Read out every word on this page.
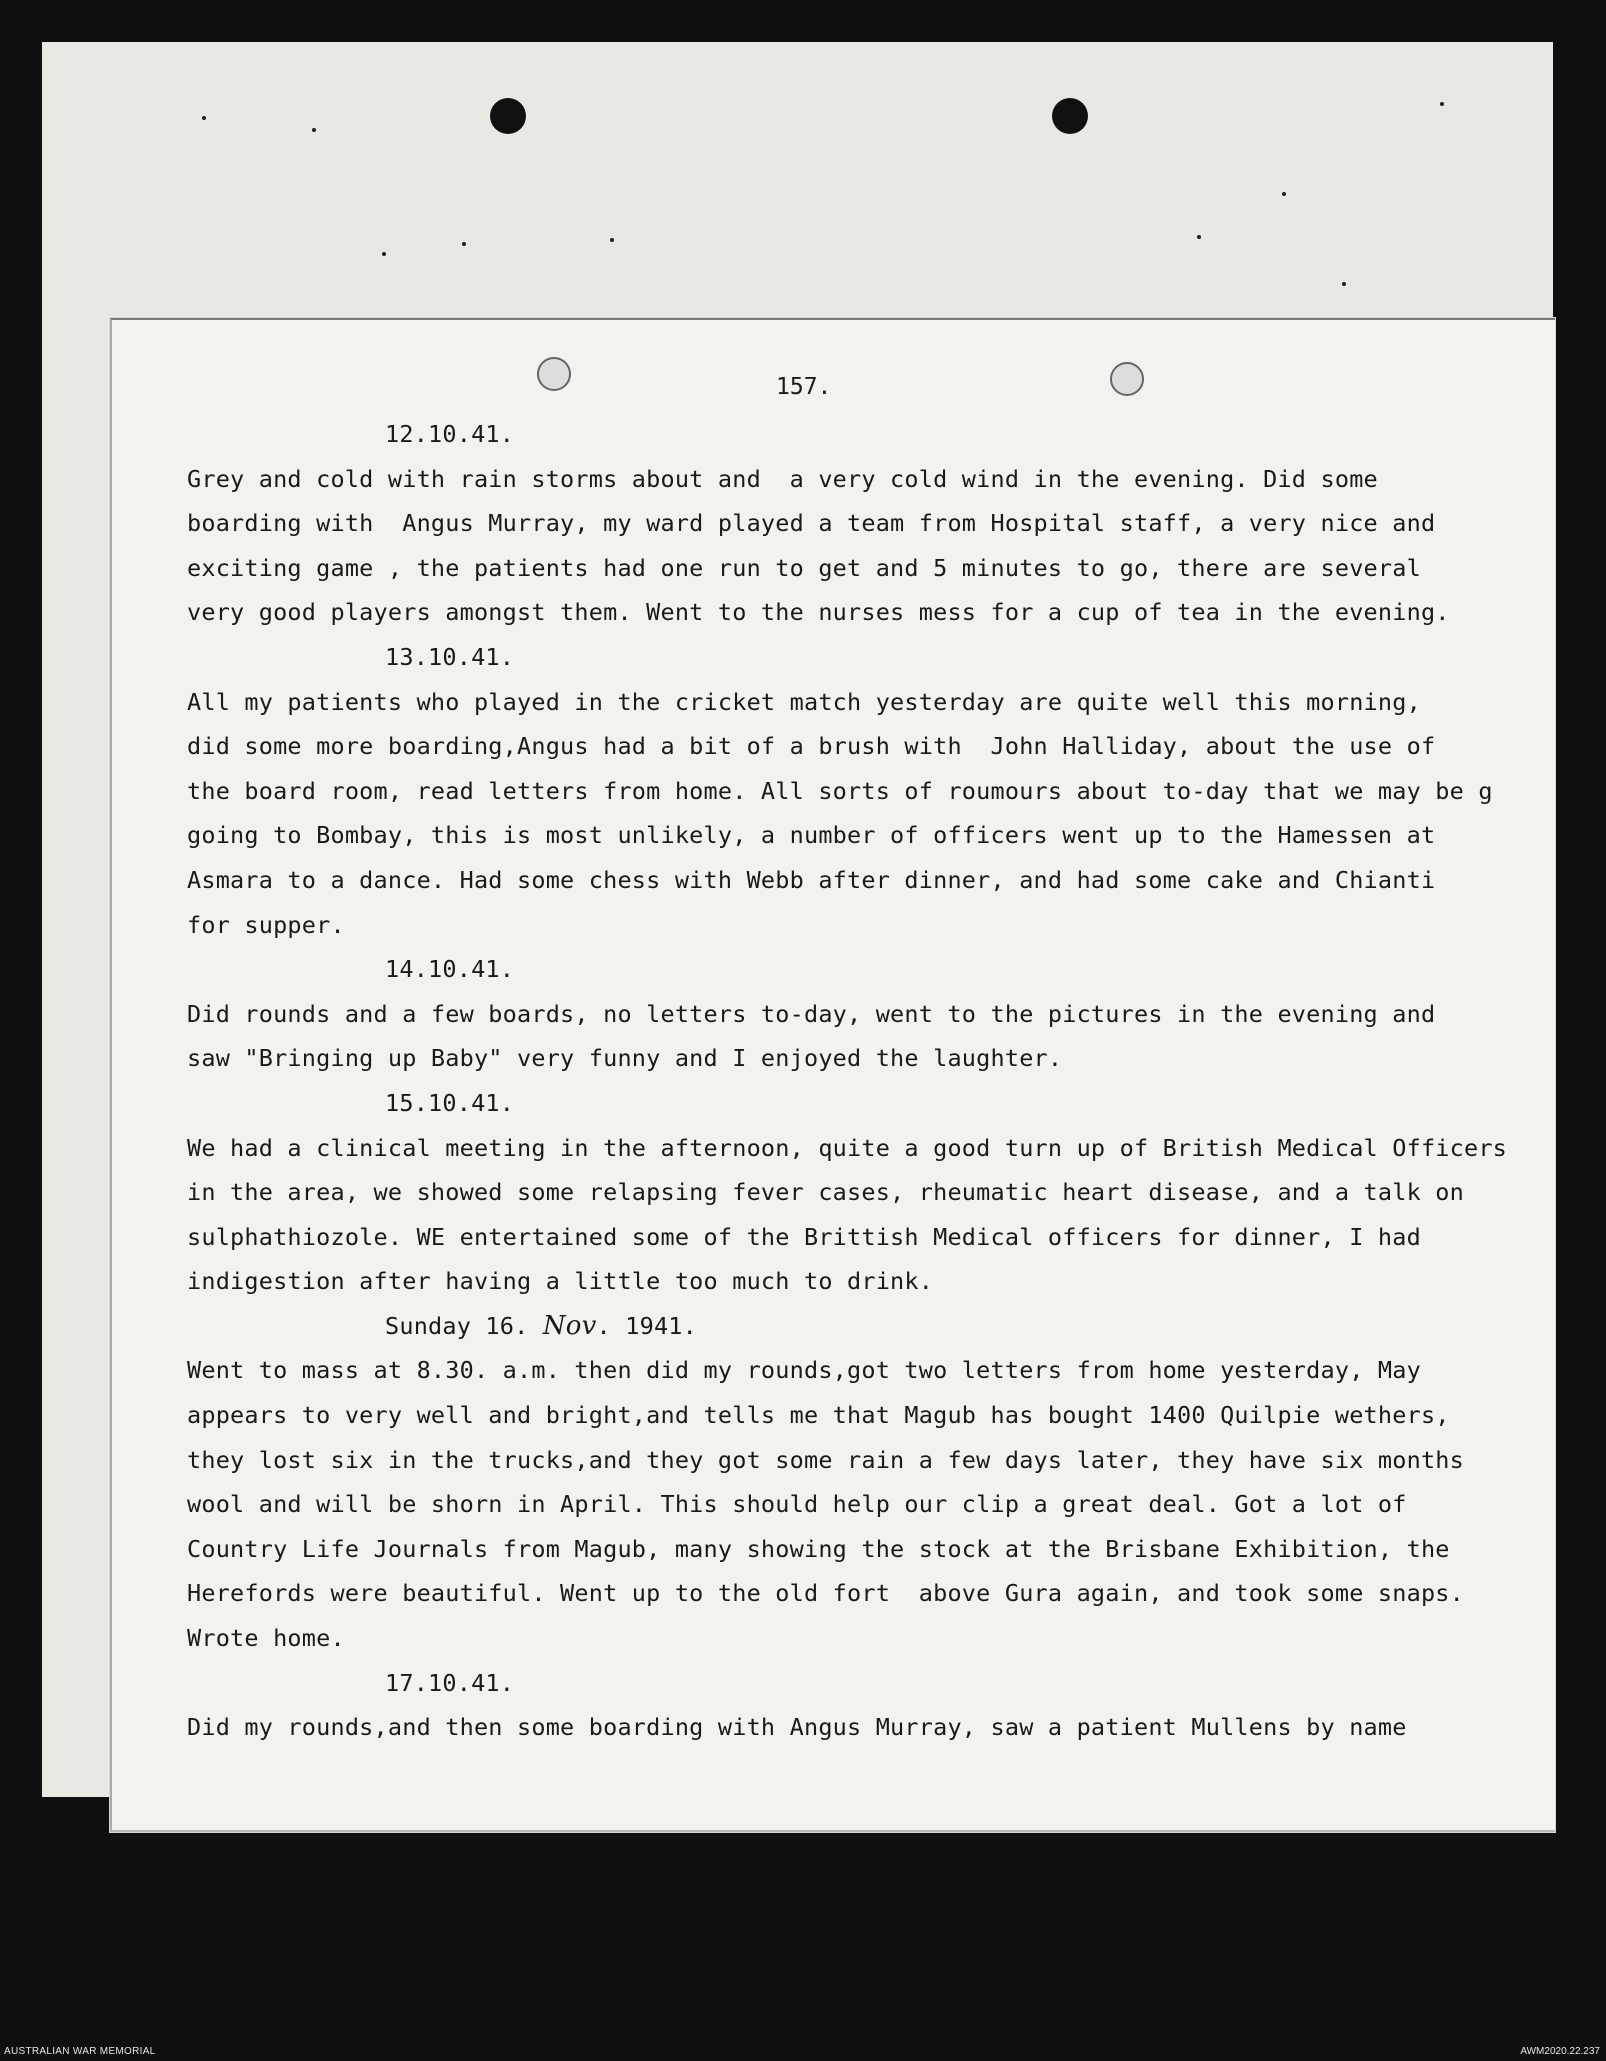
157.
12.10.41.
Grey and cold with rain storms about and  a very cold wind in the evening. Did some
boarding with  Angus Murray, my ward played a team from Hospital staff, a very nice and
exciting game , the patients had one run to get and 5 minutes to go, there are several
very good players amongst them. Went to the nurses mess for a cup of tea in the evening.
13.10.41.
All my patients who played in the cricket match yesterday are quite well this morning,
did some more boarding,Angus had a bit of a brush with  John Halliday, about the use of
the board room, read letters from home. All sorts of roumours about to-day that we may be g
going to Bombay, this is most unlikely, a number of officers went up to the Hamessen at
Asmara to a dance. Had some chess with Webb after dinner, and had some cake and Chianti
for supper.
14.10.41.
Did rounds and a few boards, no letters to-day, went to the pictures in the evening and
saw "Bringing up Baby" very funny and I enjoyed the laughter.
15.10.41.
We had a clinical meeting in the afternoon, quite a good turn up of British Medical Officers
in the area, we showed some relapsing fever cases, rheumatic heart disease, and a talk on
sulphathiozole. WE entertained some of the Brittish Medical officers for dinner, I had
indigestion after having a little too much to drink.
Sunday 16. Nov. 1941.
Went to mass at 8.30. a.m. then did my rounds,got two letters from home yesterday, May
appears to very well and bright,and tells me that Magub has bought 1400 Quilpie wethers,
they lost six in the trucks,and they got some rain a few days later, they have six months
wool and will be shorn in April. This should help our clip a great deal. Got a lot of
Country Life Journals from Magub, many showing the stock at the Brisbane Exhibition, the
Herefords were beautiful. Went up to the old fort  above Gura again, and took some snaps.
Wrote home.
17.10.41.
Did my rounds,and then some boarding with Angus Murray, saw a patient Mullens by name
AUSTRALIAN WAR MEMORIAL	AWM2020.22.237
